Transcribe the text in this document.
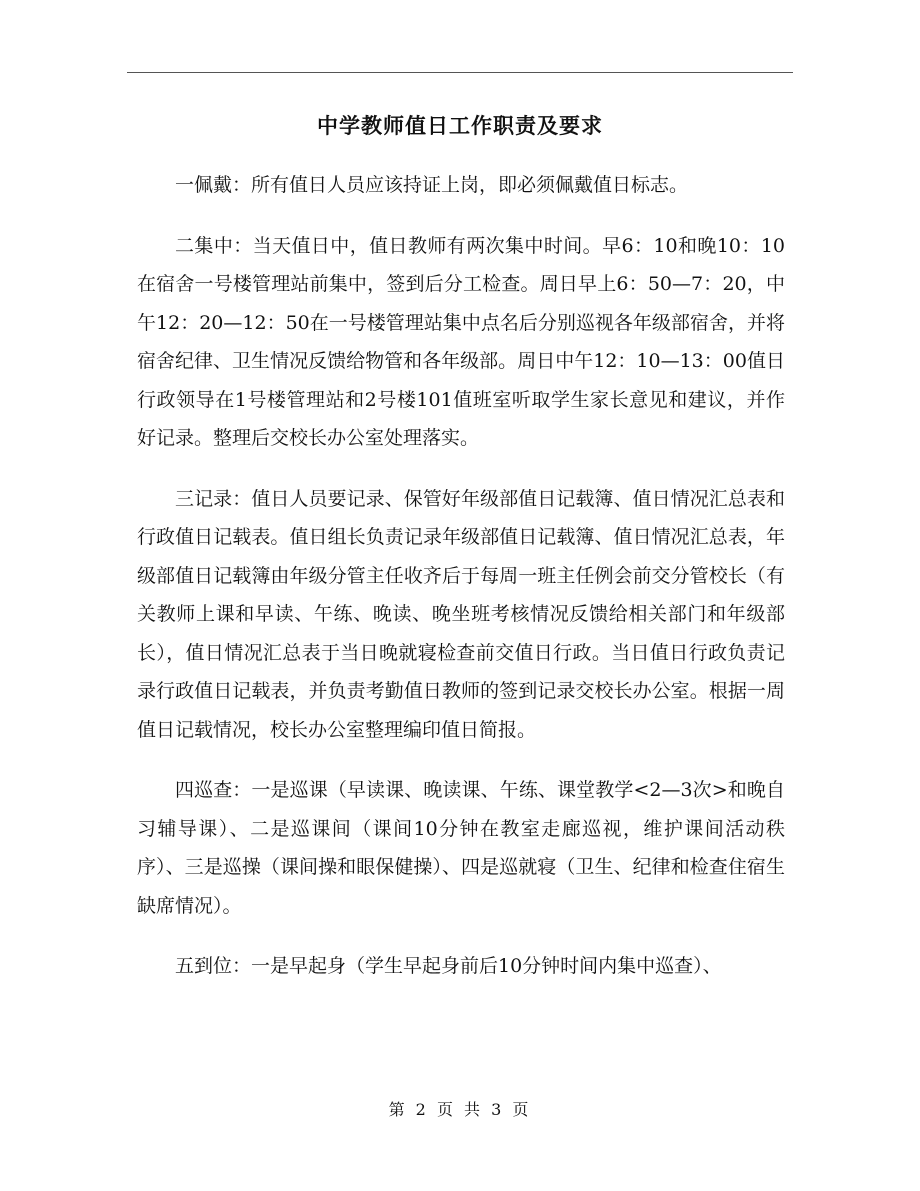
中学教师值日工作职责及要求

一佩戴：所有值日人员应该持证上岗，即必须佩戴值日标志。

二集中：当天值日中，值日教师有两次集中时间。早6：10和晚10：10在宿舍一号楼管理站前集中，签到后分工检查。周日早上6：50—7：20，中午12：20—12：50在一号楼管理站集中点名后分别巡视各年级部宿舍，并将宿舍纪律、卫生情况反馈给物管和各年级部。周日中午12：10—13：00值日行政领导在1号楼管理站和2号楼101值班室听取学生家长意见和建议，并作好记录。整理后交校长办公室处理落实。

三记录：值日人员要记录、保管好年级部值日记载簿、值日情况汇总表和行政值日记载表。值日组长负责记录年级部值日记载簿、值日情况汇总表，年级部值日记载簿由年级分管主任收齐后于每周一班主任例会前交分管校长（有关教师上课和早读、午练、晚读、晚坐班考核情况反馈给相关部门和年级部长），值日情况汇总表于当日晚就寝检查前交值日行政。当日值日行政负责记录行政值日记载表，并负责考勤值日教师的签到记录交校长办公室。根据一周值日记载情况，校长办公室整理编印值日简报。

四巡查：一是巡课（早读课、晚读课、午练、课堂教学<2—3次>和晚自习辅导课）、二是巡课间（课间10分钟在教室走廊巡视，维护课间活动秩序）、三是巡操（课间操和眼保健操）、四是巡就寝（卫生、纪律和检查住宿生缺席情况）。

五到位：一是早起身（学生早起身前后10分钟时间内集中巡查）、

第 2 页 共 3 页
